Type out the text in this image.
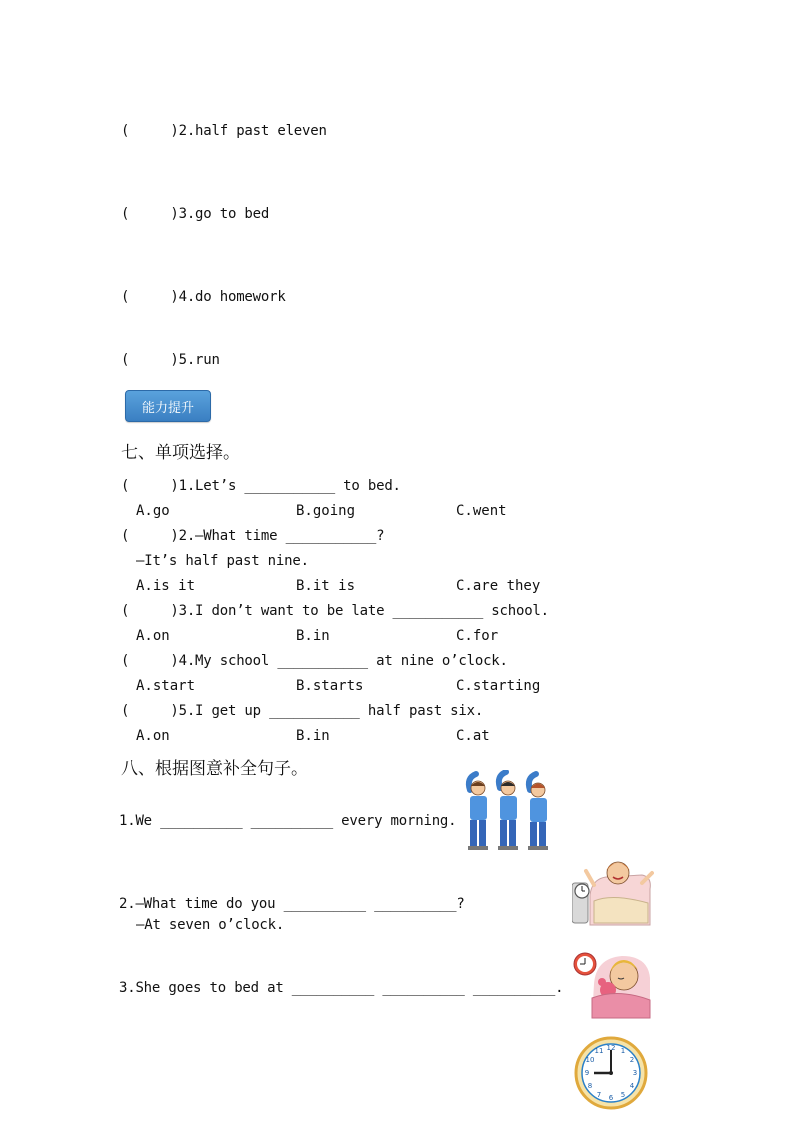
(     )2.half past eleven
(     )3.go to bed
(     )4.do homework
(     )5.run
能力提升
七、单项选择。
(     )1.Let’s ___________ to bed.
A.go	B.going	C.went
(     )2.—What time ___________?
—It’s half past nine.
A.is it	B.it is	C.are they
(     )3.I don’t want to be late ___________ school.
A.on	B.in	C.for
(     )4.My school ___________ at nine o’clock.
A.start	B.starts	C.starting
(     )5.I get up ___________ half past six.
A.on	B.in	C.at
八、根据图意补全句子。
1.We __________ __________ every morning.
2.—What time do you __________ __________?
—At seven o’clock.
3.She goes to bed at __________ __________ __________.
12 1
2
3
4
5
6
7
8
9
10
11
